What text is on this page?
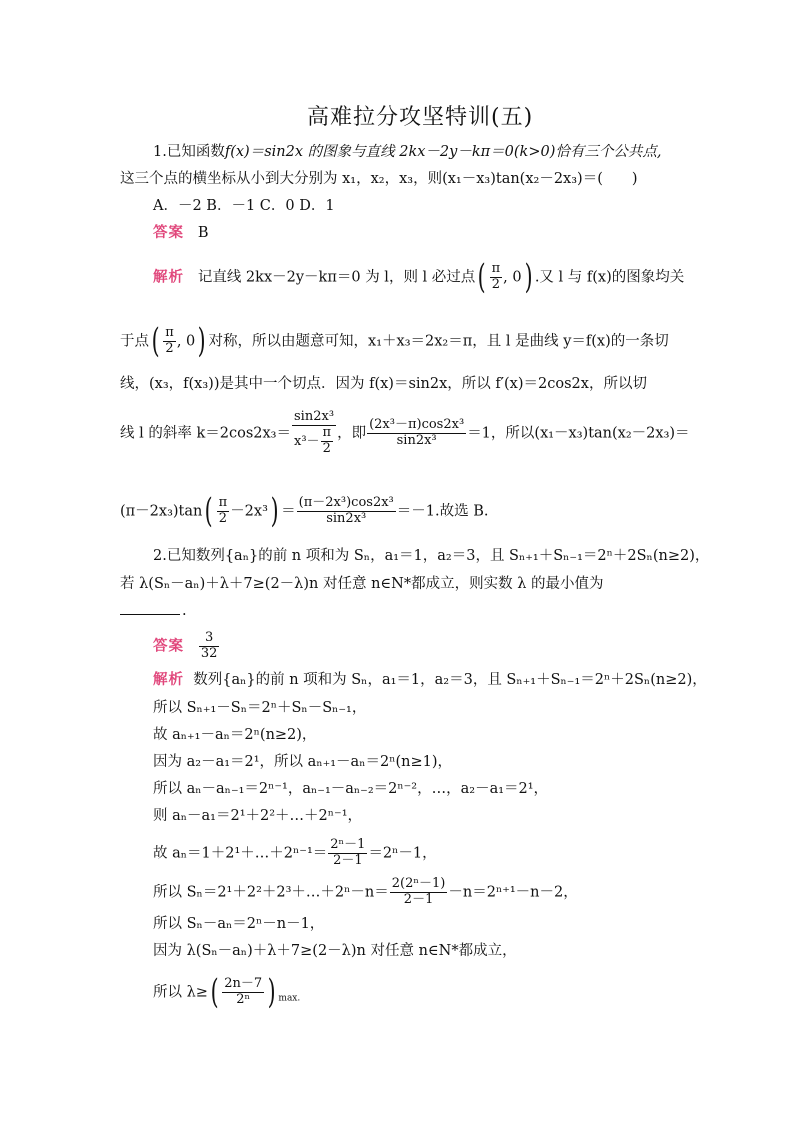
高难拉分攻坚特训(五)
1.已知函数f(x)＝sin2x 的图象与直线 2kx－2y－kπ＝0(k>0)恰有三个公共点,
这三个点的横坐标从小到大分别为 x₁，x₂，x₃，则(x₁－x₃)tan(x₂－2x₃)＝(　　)
A．－2 B．－1 C．0 D．1
答案 B
解析 记直线 2kx－2y－kπ＝0 为 l，则 l 必过点( $\frac{\pi}{2}$ , 0) .又 l 与 f(x)的图象均关
于点( $\frac{\pi}{2}$ , 0) 对称，所以由题意可知，x₁＋x₃＝2x₂＝π，且 l 是曲线 y＝f(x)的一条切
线，(x₃，f(x₃))是其中一个切点．因为 f(x)＝sin2x，所以 f′(x)＝2cos2x，所以切
线 l 的斜率 $k=2\cos 2x_3= \frac{\text{sin2x³}}{x^3- \frac{\pi}{2}}$ ，即 $\frac{\text{(2x³－π)cos2x³}}{\text{sin2x³}} =1$，所以(x₁－x₃)tan(x₂－2x₃)＝
$(\pi-2x_3)\tan( \frac{\pi}{2} -2x^3) = \frac{\text{(π－2x³)cos2x³}}{\text{sin2x³}} =-1$.故选 B.
2.已知数列{aₙ}的前 n 项和为 Sₙ，a₁＝1，a₂＝3，且 Sₙ₊₁＋Sₙ₋₁＝2ⁿ＋2Sₙ(n≥2)，
若 λ(Sₙ－aₙ)＋λ＋7≥(2－λ)n 对任意 n∈N*都成立，则实数 λ 的最小值为
.
答案 $\frac{3}{32}$
解析 数列{aₙ}的前 n 项和为 Sₙ，a₁＝1，a₂＝3，且 Sₙ₊₁＋Sₙ₋₁＝2ⁿ＋2Sₙ(n≥2)，
所以 Sₙ₊₁－Sₙ＝2ⁿ＋Sₙ－Sₙ₋₁，
故 aₙ₊₁－aₙ＝2ⁿ(n≥2)，
因为 a₂－a₁＝2¹，所以 aₙ₊₁－aₙ＝2ⁿ(n≥1)，
所以 aₙ－aₙ₋₁＝2ⁿ⁻¹，aₙ₋₁－aₙ₋₂＝2ⁿ⁻²，…，a₂－a₁＝2¹，
则 aₙ－a₁＝2¹＋2²＋…＋2ⁿ⁻¹，
故 aₙ＝1＋2¹＋…＋2ⁿ⁻¹＝ $\frac{\text{2ⁿ－1}}{2-1} =2^n-1$，
所以 Sₙ＝2¹＋2²＋2³＋…＋2ⁿ－n＝ $\frac{\text{2(2ⁿ－1)}}{2-1} -n=2^{n+1}-n-2$，
所以 Sₙ－aₙ＝2ⁿ－n－1，
因为 λ(Sₙ－aₙ)＋λ＋7≥(2－λ)n 对任意 n∈N*都成立，
所以 $\lambda\ge( \frac{2n-7}{\text{2ⁿ}}$ ) $_{max.}$
